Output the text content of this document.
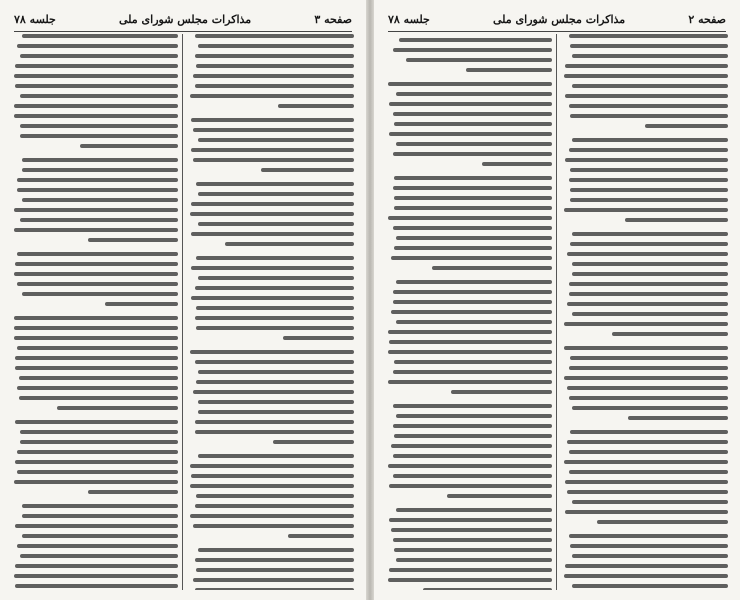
صفحه ۳
مذاکرات مجلس شورای ملی
جلسه ۷۸	صفحه ۲
مذاکرات مجلس شورای ملی
جلسه ۷۸
